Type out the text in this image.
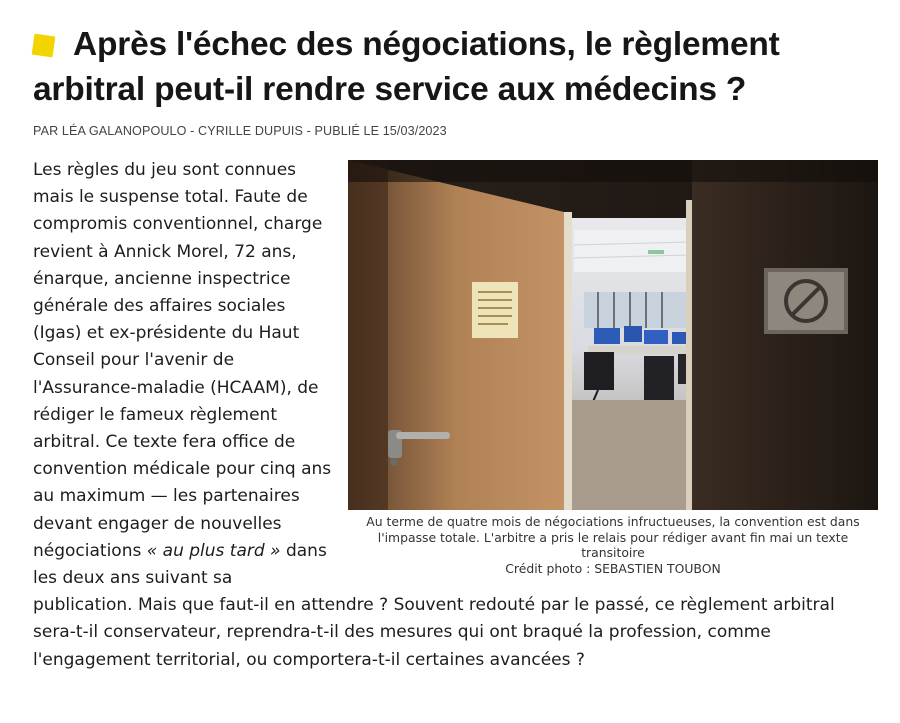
Après l'échec des négociations, le règlement arbitral peut-il rendre service aux médecins ?
PAR LÉA GALANOPOULO - CYRILLE DUPUIS - PUBLIÉ LE 15/03/2023
Au terme de quatre mois de négociations infructueuses, la convention est dans l'impasse totale. L'arbitre a pris le relais pour rédiger avant fin mai un texte transitoire
Crédit photo : SEBASTIEN TOUBON

Les règles du jeu sont connues mais le suspense total. Faute de compromis conventionnel, charge revient à Annick Morel, 72 ans, énarque, ancienne inspectrice générale des affaires sociales (Igas) et ex-présidente du Haut Conseil pour l'avenir de l'Assurance-maladie (HCAAM), de rédiger le fameux règlement arbitral. Ce texte fera office de convention médicale pour cinq ans au maximum — les partenaires devant engager de nouvelles négociations « au plus tard » dans les deux ans suivant sa publication. Mais que faut-il en attendre ? Souvent redouté par le passé, ce règlement arbitral sera-t-il conservateur, reprendra-t-il des mesures qui ont braqué la profession, comme l'engagement territorial, ou comportera-t-il certaines avancées ?
